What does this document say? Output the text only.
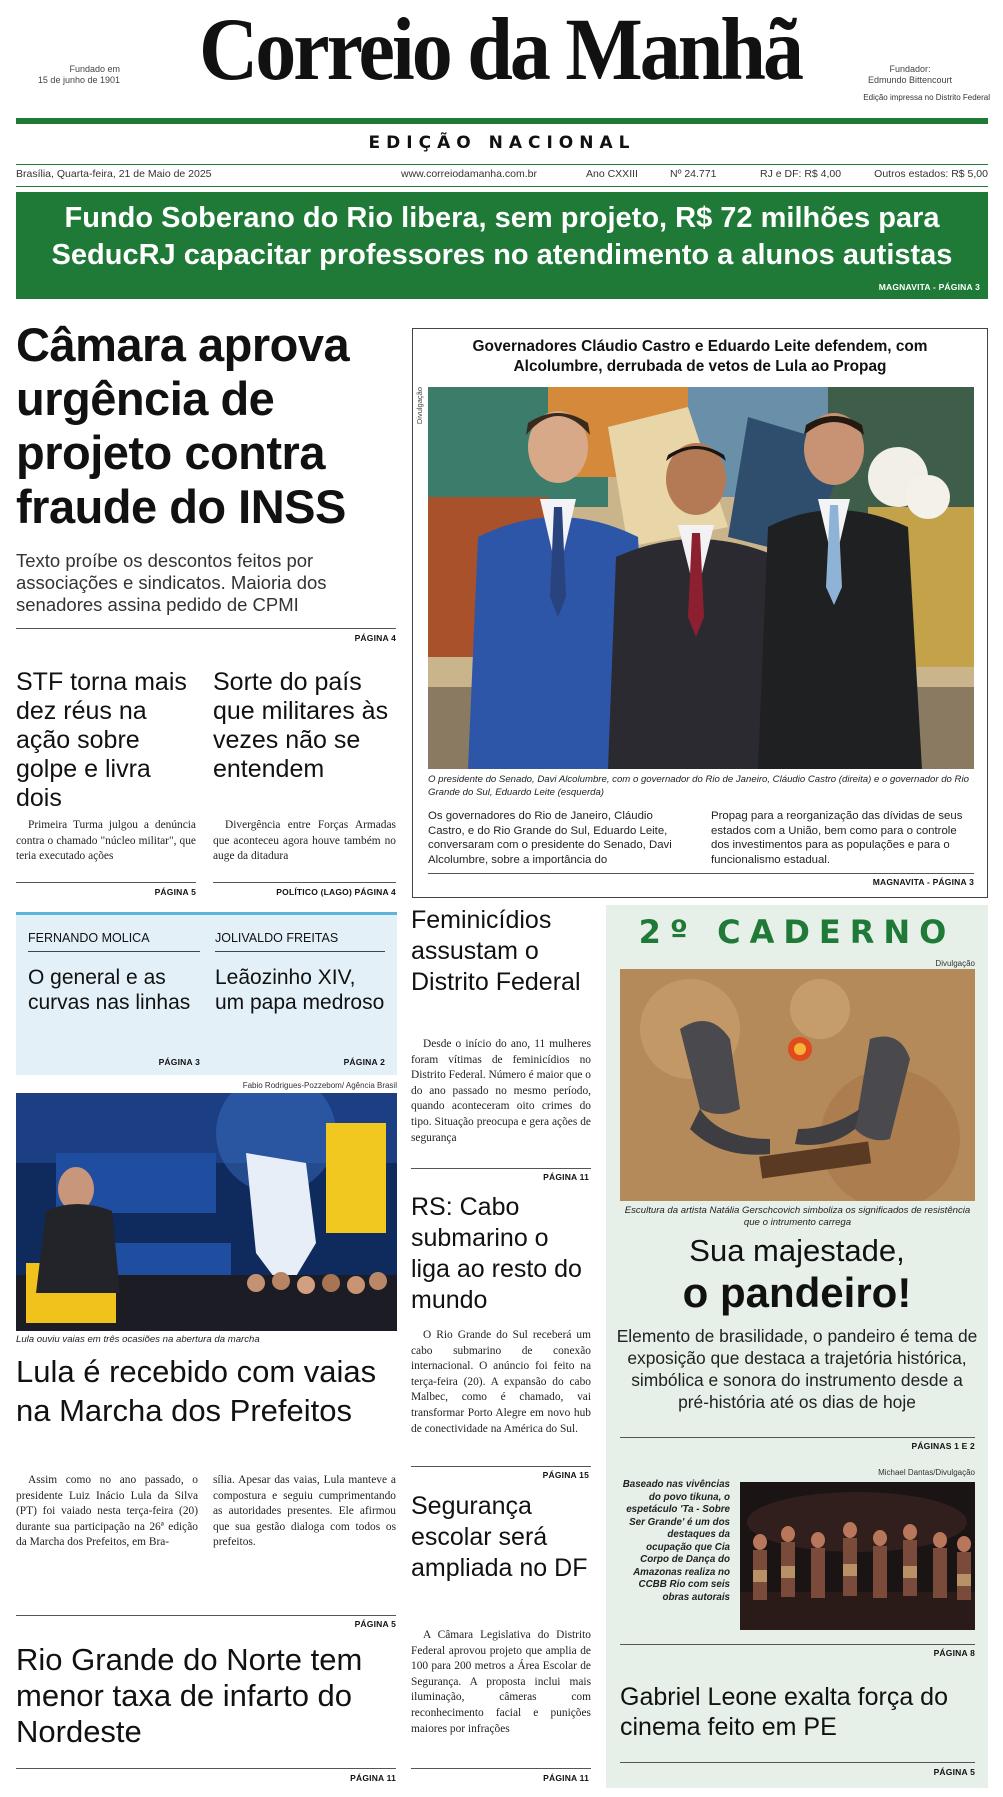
Fundado em
15 de junho de 1901 Correio da Manhã	Fundador:
Edmundo Bittencourt
Edição impressa no Distrito Federal
EDIÇÃO NACIONAL
Brasília, Quarta-feira, 21 de Maio de 2025	www.correiodamanha.com.br	Ano CXXIII	Nº 24.771	RJ e DF: R$ 4,00	Outros estados: R$ 5,00
Fundo Soberano do Rio libera, sem projeto, R$ 72 milhões para SeducRJ capacitar professores no atendimento a alunos autistas
MAGNAVITA - PÁGINA 3
Câmara aprova urgência de projeto contra fraude do INSS
Texto proíbe os descontos feitos por associações e sindicatos. Maioria dos senadores assina pedido de CPMI
PÁGINA 4
STF torna mais dez réus na ação sobre golpe e livra dois
Primeira Turma julgou a denúncia contra o chamado "núcleo militar", que teria executado ações
PÁGINA 5
Sorte do país que militares às vezes não se entendem
Divergência entre Forças Armadas que aconteceu agora houve também no auge da ditadura
POLÍTICO (LAGO) PÁGINA 4
Governadores Cláudio Castro e Eduardo Leite defendem, com Alcolumbre, derrubada de vetos de Lula ao Propag
Divulgação
O presidente do Senado, Davi Alcolumbre, com o governador do Rio de Janeiro, Cláudio Castro (direita) e o governador do Rio Grande do Sul, Eduardo Leite (esquerda)
Os governadores do Rio de Janeiro, Cláudio Castro, e do Rio Grande do Sul, Eduardo Leite, conversaram com o presidente do Senado, Davi Alcolumbre, sobre a importância do
Propag para a reorganização das dívidas de seus estados com a União, bem como para o controle dos investimentos para as populações e para o funcionalismo estadual.
MAGNAVITA - PÁGINA 3
FERNANDO MOLICA
O general e as curvas nas linhas
PÁGINA 3
JOLIVALDO FREITAS
Leãozinho XIV, um papa medroso
PÁGINA 2
Fabio Rodrigues-Pozzebom/ Agência Brasil
Lula ouviu vaias em três ocasiões na abertura da marcha
Lula é recebido com vaias na Marcha dos Prefeitos
Assim como no ano passado, o presidente Luiz Inácio Lula da Silva (PT) foi vaiado nesta terça-feira (20) durante sua participação na 26ª edição da Marcha dos Prefeitos, em Bra-
sília. Apesar das vaias, Lula manteve a compostura e seguiu cumprimentando as autoridades presentes. Ele afirmou que sua gestão dialoga com todos os prefeitos.
PÁGINA 5
Rio Grande do Norte tem menor taxa de infarto do Nordeste
PÁGINA 11
Feminicídios assustam o Distrito Federal
Desde o início do ano, 11 mulheres foram vítimas de feminicídios no Distrito Federal. Número é maior que o do ano passado no mesmo período, quando aconteceram oito crimes do tipo. Situação preocupa e gera ações de segurança
PÁGINA 11
RS: Cabo submarino o liga ao resto do mundo
O Rio Grande do Sul receberá um cabo submarino de conexão internacional. O anúncio foi feito na terça-feira (20). A expansão do cabo Malbec, como é chamado, vai transformar Porto Alegre em novo hub de conectividade na América do Sul.
PÁGINA 15
Segurança escolar será ampliada no DF
A Câmara Legislativa do Distrito Federal aprovou projeto que amplia de 100 para 200 metros a Área Escolar de Segurança. A proposta inclui mais iluminação, câmeras com reconhecimento facial e punições maiores por infrações
PÁGINA 11
2º CADERNO
Divulgação
Escultura da artista Natália Gerschcovich simboliza os significados de resistência que o intrumento carrega
Sua majestade,
o pandeiro!
Elemento de brasilidade, o pandeiro é tema de exposição que destaca a trajetória histórica, simbólica e sonora do instrumento desde a pré-história até os dias de hoje
PÁGINAS 1 E 2
Michael Dantas/Divulgação
Baseado nas vivências do povo tikuna, o espetáculo 'Ta - Sobre Ser Grande' é um dos destaques da ocupação que Cia Corpo de Dança do Amazonas realiza no CCBB Rio com seis obras autorais
PÁGINA 8
Gabriel Leone exalta força do cinema feito em PE
PÁGINA 5
